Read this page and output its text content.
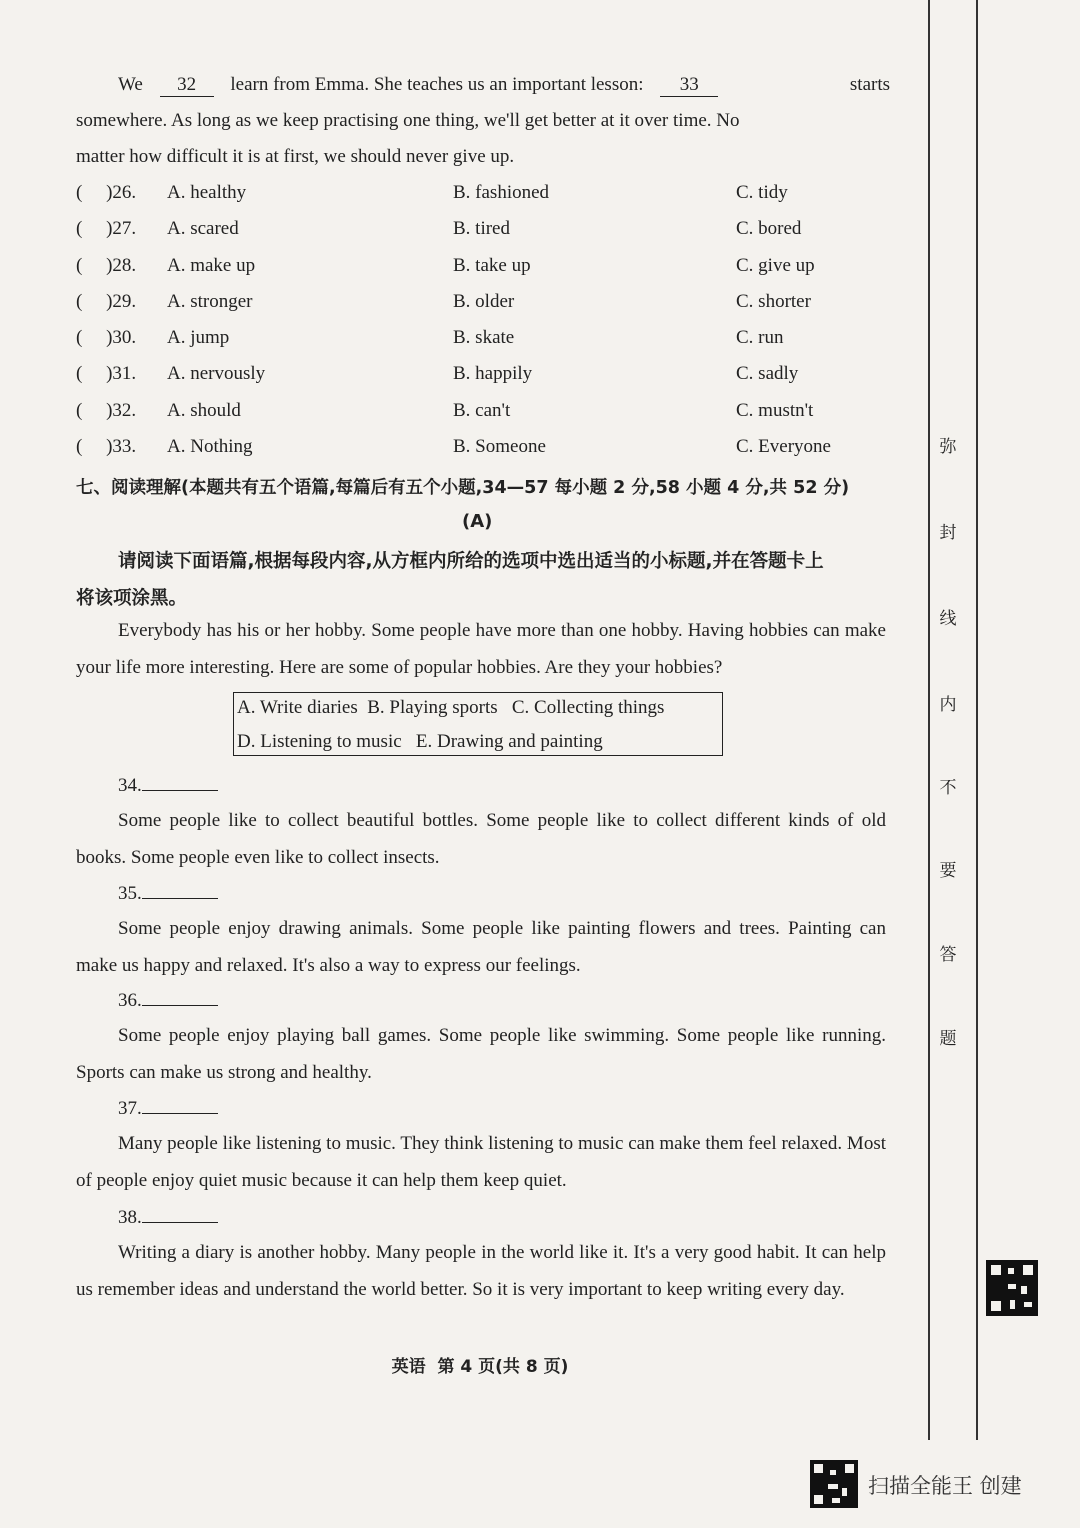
We 32 learn from Emma. She teaches us an important lesson: 33	starts
somewhere. As long as we keep practising one thing, we'll get better at it over time. No
matter how difficult it is at first, we should never give up.
(     )26. A. healthy	B. fashioned	C. tidy
(     )27. A. scared	B. tired	C. bored
(     )28. A. make up	B. take up	C. give up
(     )29. A. stronger	B. older	C. shorter
(     )30. A. jump	B. skate	C. run
(     )31. A. nervously	B. happily	C. sadly
(     )32. A. should	B. can't	C. mustn't
(     )33. A. Nothing	B. Someone	C. Everyone
七、阅读理解(本题共有五个语篇,每篇后有五个小题,34—57 每小题 2 分,58 小题 4 分,共 52 分)
(A)
请阅读下面语篇,根据每段内容,从方框内所给的选项中选出适当的小标题,并在答题卡上
将该项涂黑。
Everybody has his or her hobby. Some people have more than one hobby. Having hobbies can make your life more interesting. Here are some of popular hobbies. Are they your hobbies?
A. Write diaries  B. Playing sports   C. Collecting things
D. Listening to music   E. Drawing and painting
34.
Some people like to collect beautiful bottles. Some people like to collect different kinds of old books. Some people even like to collect insects.
35.
Some people enjoy drawing animals. Some people like painting flowers and trees. Painting can make us happy and relaxed. It's also a way to express our feelings.
36.
Some people enjoy playing ball games. Some people like swimming. Some people like running. Sports can make us strong and healthy.
37.
Many people like listening to music. They think listening to music can make them feel relaxed. Most of people enjoy quiet music because it can help them keep quiet.
38.
Writing a diary is another hobby. Many people in the world like it. It's a very good habit. It can help us remember ideas and understand the world better. So it is very important to keep writing every day.
英语  第 4 页(共 8 页)
弥
封
线
内
不
要
答
题
扫描全能王 创建
